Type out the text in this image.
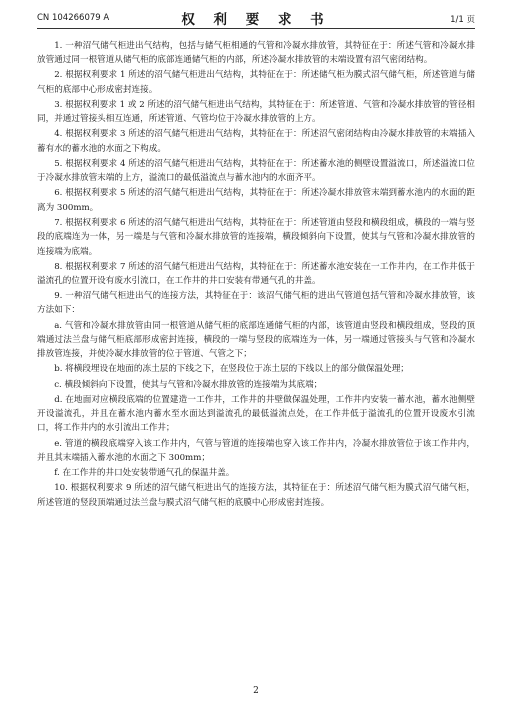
CN 104266079 A	权 利 要 求 书	1/1 页

1. 一种沼气储气柜进出气结构，包括与储气柜相通的气管和冷凝水排放管，其特征在于：所述气管和冷凝水排放管通过同一根管道从储气柜的底部连通储气柜的内部，所述冷凝水排放管的末端设置有沼气密闭结构。

2. 根据权利要求 1 所述的沼气储气柜进出气结构，其特征在于：所述储气柜为膜式沼气储气柜，所述管道与储气柜的底部中心形成密封连接。

3. 根据权利要求 1 或 2 所述的沼气储气柜进出气结构，其特征在于：所述管道、气管和冷凝水排放管的管径相同，并通过管接头相互连通，所述管道、气管均位于冷凝水排放管的上方。

4. 根据权利要求 3 所述的沼气储气柜进出气结构，其特征在于：所述沼气密闭结构由冷凝水排放管的末端插入蓄有水的蓄水池的水面之下构成。

5. 根据权利要求 4 所述的沼气储气柜进出气结构，其特征在于：所述蓄水池的侧壁设置溢流口，所述溢流口位于冷凝水排放管末端的上方，溢流口的最低溢流点与蓄水池内的水面齐平。

6. 根据权利要求 5 所述的沼气储气柜进出气结构，其特征在于：所述冷凝水排放管末端到蓄水池内的水面的距离为 300mm。

7. 根据权利要求 6 所述的沼气储气柜进出气结构，其特征在于：所述管道由竖段和横段组成，横段的一端与竖段的底端连为一体，另一端是与气管和冷凝水排放管的连接端，横段倾斜向下设置，使其与气管和冷凝水排放管的连接端为底端。

8. 根据权利要求 7 所述的沼气储气柜进出气结构，其特征在于：所述蓄水池安装在一工作井内，在工作井低于溢流孔的位置开设有废水引流口，在工作井的井口安装有带通气孔的井盖。

9. 一种沼气储气柜进出气的连接方法，其特征在于：该沼气储气柜的进出气管道包括气管和冷凝水排放管，该方法如下：

a. 气管和冷凝水排放管由同一根管道从储气柜的底部连通储气柜的内部，该管道由竖段和横段组成，竖段的顶端通过法兰盘与储气柜底部形成密封连接，横段的一端与竖段的底端连为一体，另一端通过管接头与气管和冷凝水排放管连接，并使冷凝水排放管的位于管道、气管之下；

b. 将横段埋设在地面的冻土层的下线之下，在竖段位于冻土层的下线以上的部分做保温处理；

c. 横段倾斜向下设置，使其与气管和冷凝水排放管的连接端为其底端；

d. 在地面对应横段底端的位置建造一工作井，工作井的井壁做保温处理，工作井内安装一蓄水池，蓄水池侧壁开设溢流孔，并且在蓄水池内蓄水至水面达到溢流孔的最低溢流点处，在工作井低于溢流孔的位置开设废水引流口，将工作井内的水引流出工作井；

e. 管道的横段底端穿入该工作井内，气管与管道的连接端也穿入该工作井内，冷凝水排放管位于该工作井内，并且其末端插入蓄水池的水面之下 300mm；

f. 在工作井的井口处安装带通气孔的保温井盖。

10. 根据权利要求 9 所述的沼气储气柜进出气的连接方法，其特征在于：所述沼气储气柜为膜式沼气储气柜，所述管道的竖段顶端通过法兰盘与膜式沼气储气柜的底膜中心形成密封连接。

2
